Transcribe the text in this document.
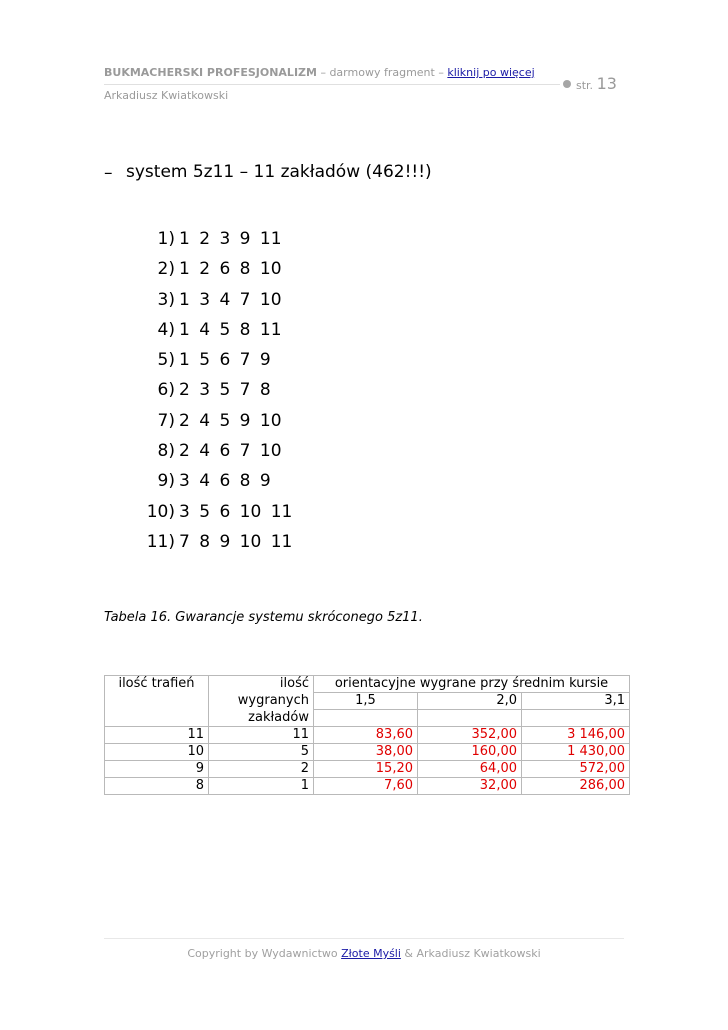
BUKMACHERSKI PROFESJONALIZM – darmowy fragment – kliknij po więcej
str. 13
Arkadiusz Kwiatkowski
– system 5z11 – 11 zakładów (462!!!)
1) 1 2 3 9 11
2) 1 2 6 8 10
3) 1 3 4 7 10
4) 1 4 5 8 11
5) 1 5 6 7 9
6) 2 3 5 7 8
7) 2 4 5 9 10
8) 2 4 6 7 10
9) 3 4 6 8 9
10) 3 5 6 10 11
11) 7 8 9 10 11
Tabela 16. Gwarancje systemu skróconego 5z11.
ilość trafień	ilość	orientacyjne wygrane przy średnim kursie		
	wygranych	1,5	2,0	3,1
	zakładów			
11	11	83,60	352,00	3 146,00
10	5	38,00	160,00	1 430,00
9	2	15,20	64,00	572,00
8	1	7,60	32,00	286,00
Copyright by Wydawnictwo Złote Myśli & Arkadiusz Kwiatkowski
